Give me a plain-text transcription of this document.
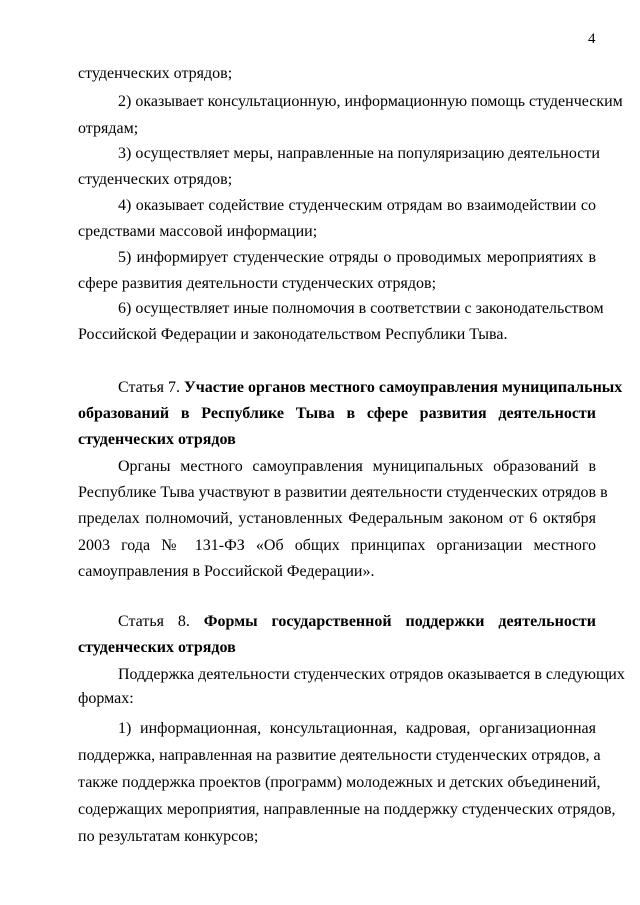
4
студенческих отрядов;
2) оказывает консультационную, информационную помощь студенческим
отрядам;
3) осуществляет меры, направленные на популяризацию деятельности
студенческих отрядов;
4) оказывает содействие студенческим отрядам во взаимодействии со
средствами массовой информации;
5) информирует студенческие отряды о проводимых мероприятиях в
сфере развития деятельности студенческих отрядов;
6) осуществляет иные полномочия в соответствии с законодательством
Российской Федерации и законодательством Республики Тыва.
Статья 7. Участие органов местного самоуправления муниципальных
образований в Республике Тыва в сфере развития деятельности
студенческих отрядов
Органы местного самоуправления муниципальных образований в
Республике Тыва участвуют в развитии деятельности студенческих отрядов в
пределах полномочий, установленных Федеральным законом от 6 октября
2003 года № 131-ФЗ «Об общих принципах организации местного
самоуправления в Российской Федерации».
Статья 8. Формы государственной поддержки деятельности
студенческих отрядов
Поддержка деятельности студенческих отрядов оказывается в следующих
формах:
1) информационная, консультационная, кадровая, организационная
поддержка, направленная на развитие деятельности студенческих отрядов, а
также поддержка проектов (программ) молодежных и детских объединений,
содержащих мероприятия, направленные на поддержку студенческих отрядов,
по результатам конкурсов;
